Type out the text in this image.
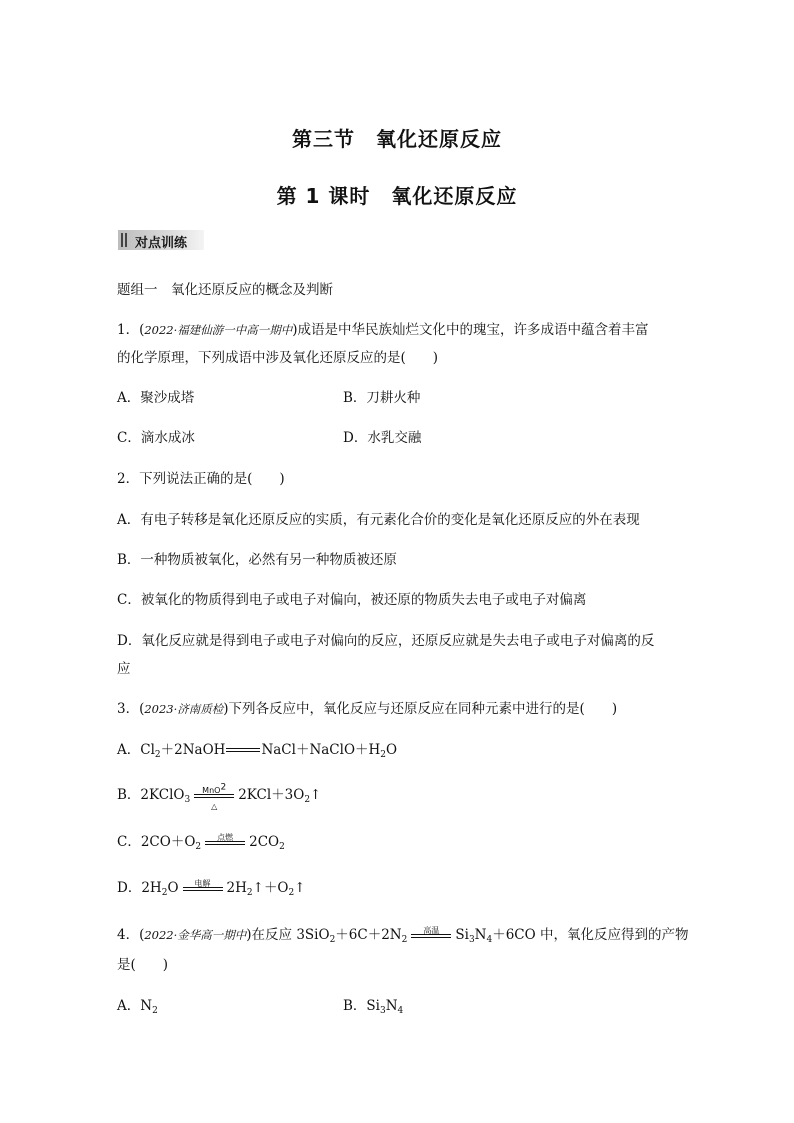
第三节　氧化还原反应
第 1 课时　氧化还原反应
对点训练
题组一　氧化还原反应的概念及判断
1．(2022·福建仙游一中高一期中)成语是中华民族灿烂文化中的瑰宝，许多成语中蕴含着丰富
的化学原理，下列成语中涉及氧化还原反应的是(　　)
A．聚沙成塔	B．刀耕火种
C．滴水成冰	D．水乳交融
2．下列说法正确的是(　　)
A．有电子转移是氧化还原反应的实质，有元素化合价的变化是氧化还原反应的外在表现
B．一种物质被氧化，必然有另一种物质被还原
C．被氧化的物质得到电子或电子对偏向，被还原的物质失去电子或电子对偏离
D．氧化反应就是得到电子或电子对偏向的反应，还原反应就是失去电子或电子对偏离的反
应
3．(2023·济南质检)下列各反应中，氧化反应与还原反应在同种元素中进行的是(　　)
A．$Cl_2+2NaOH$	$NaCl+NaClO+H_2O$
B．2KClO$_3$
MnO$^2$
△
$2KCl+3O_2↑$
C．$2CO+O_2$
点燃	$2CO_2$
D．$2H_2O$	电解	$2H_2↑+O_2↑$
4．(2022·金华高一期中)在反应 $3SiO_2+6C+2N_2$
高温	$Si_3N_4+6CO$ 中，氧化反应得到的产物
是(　　)
A．$N_2$	B．$Si_3N_4$
